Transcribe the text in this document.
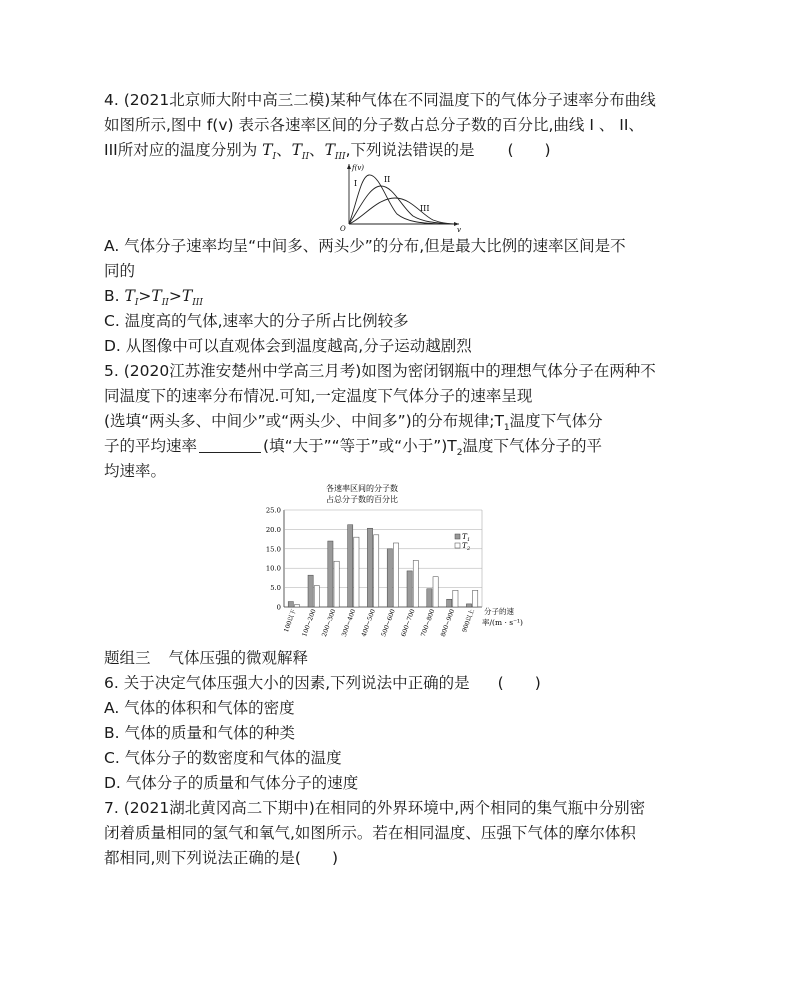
4. (2021北京师大附中高三二模)某种气体在不同温度下的气体分子速率分布曲线
如图所示,图中 f(v) 表示各速率区间的分子数占总分子数的百分比,曲线 I 、 II、
III所对应的温度分别为 $T_I$、$T_{II}$、$T_{III}$,下列说法错误的是 (　　)
f(v)
v
O
I	II
III
A. 气体分子速率均呈“中间多、两头少”的分布,但是最大比例的速率区间是不
同的
B. $T_I>T_{II}>T_{III}$
C. 温度高的气体,速率大的分子所占比例较多
D. 从图像中可以直观体会到温度越高,分子运动越剧烈
5. (2020江苏淮安楚州中学高三月考)如图为密闭钢瓶中的理想气体分子在两种不
同温度下的速率分布情况.可知,一定温度下气体分子的速率呈现
(选填“两头多、中间少”或“两头少、中间多”)的分布规律$;T_1$温度下气体分
子的平均速率	(填“大于”“等于”或“小于$”)T_2$温度下气体分子的平
均速率。
各速率区间的分子数
占总分子数的百分比
0
5.0
10.0
15.0
20.0
25.0
100以下 100~200 200~300 300~400 400~500 500~600 600~700 700~800 800~900 900以上 分子的速
率/(m · s⁻¹)
$T_1$
$T_2$
题组三 气体压强的微观解释
6. 关于决定气体压强大小的因素,下列说法中正确的是 (　　)
A. 气体的体积和气体的密度
B. 气体的质量和气体的种类
C. 气体分子的数密度和气体的温度
D. 气体分子的质量和气体分子的速度
7. (2021湖北黄冈高二下期中)在相同的外界环境中,两个相同的集气瓶中分别密
闭着质量相同的氢气和氧气,如图所示。若在相同温度、压强下气体的摩尔体积
都相同,则下列说法正确的是(　　)
